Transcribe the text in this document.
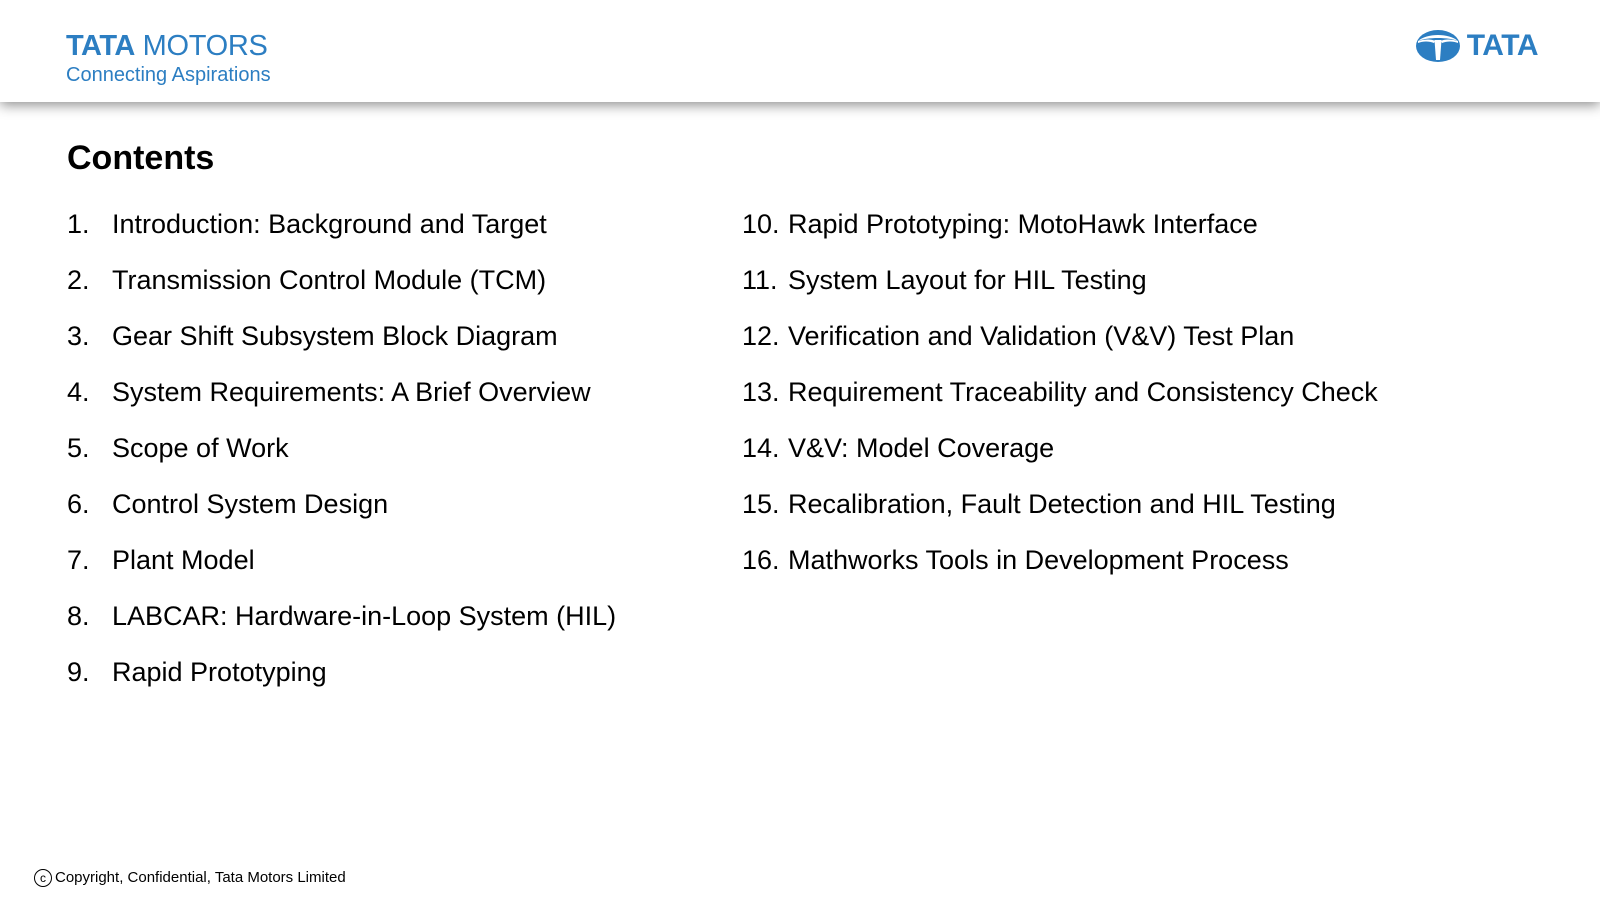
TATA MOTORS
Connecting Aspirations
TATA
Contents
1. Introduction: Background and Target
2. Transmission Control Module (TCM)
3. Gear Shift Subsystem Block Diagram
4. System Requirements: A Brief Overview
5. Scope of Work
6. Control System Design
7. Plant Model
8. LABCAR: Hardware-in-Loop System (HIL)
9. Rapid Prototyping
10. Rapid Prototyping: MotoHawk Interface
11. System Layout for HIL Testing
12. Verification and Validation (V&V) Test Plan
13. Requirement Traceability and Consistency Check
14. V&V: Model Coverage
15. Recalibration, Fault Detection and HIL Testing
16. Mathworks Tools in Development Process
c Copyright, Confidential, Tata Motors Limited
